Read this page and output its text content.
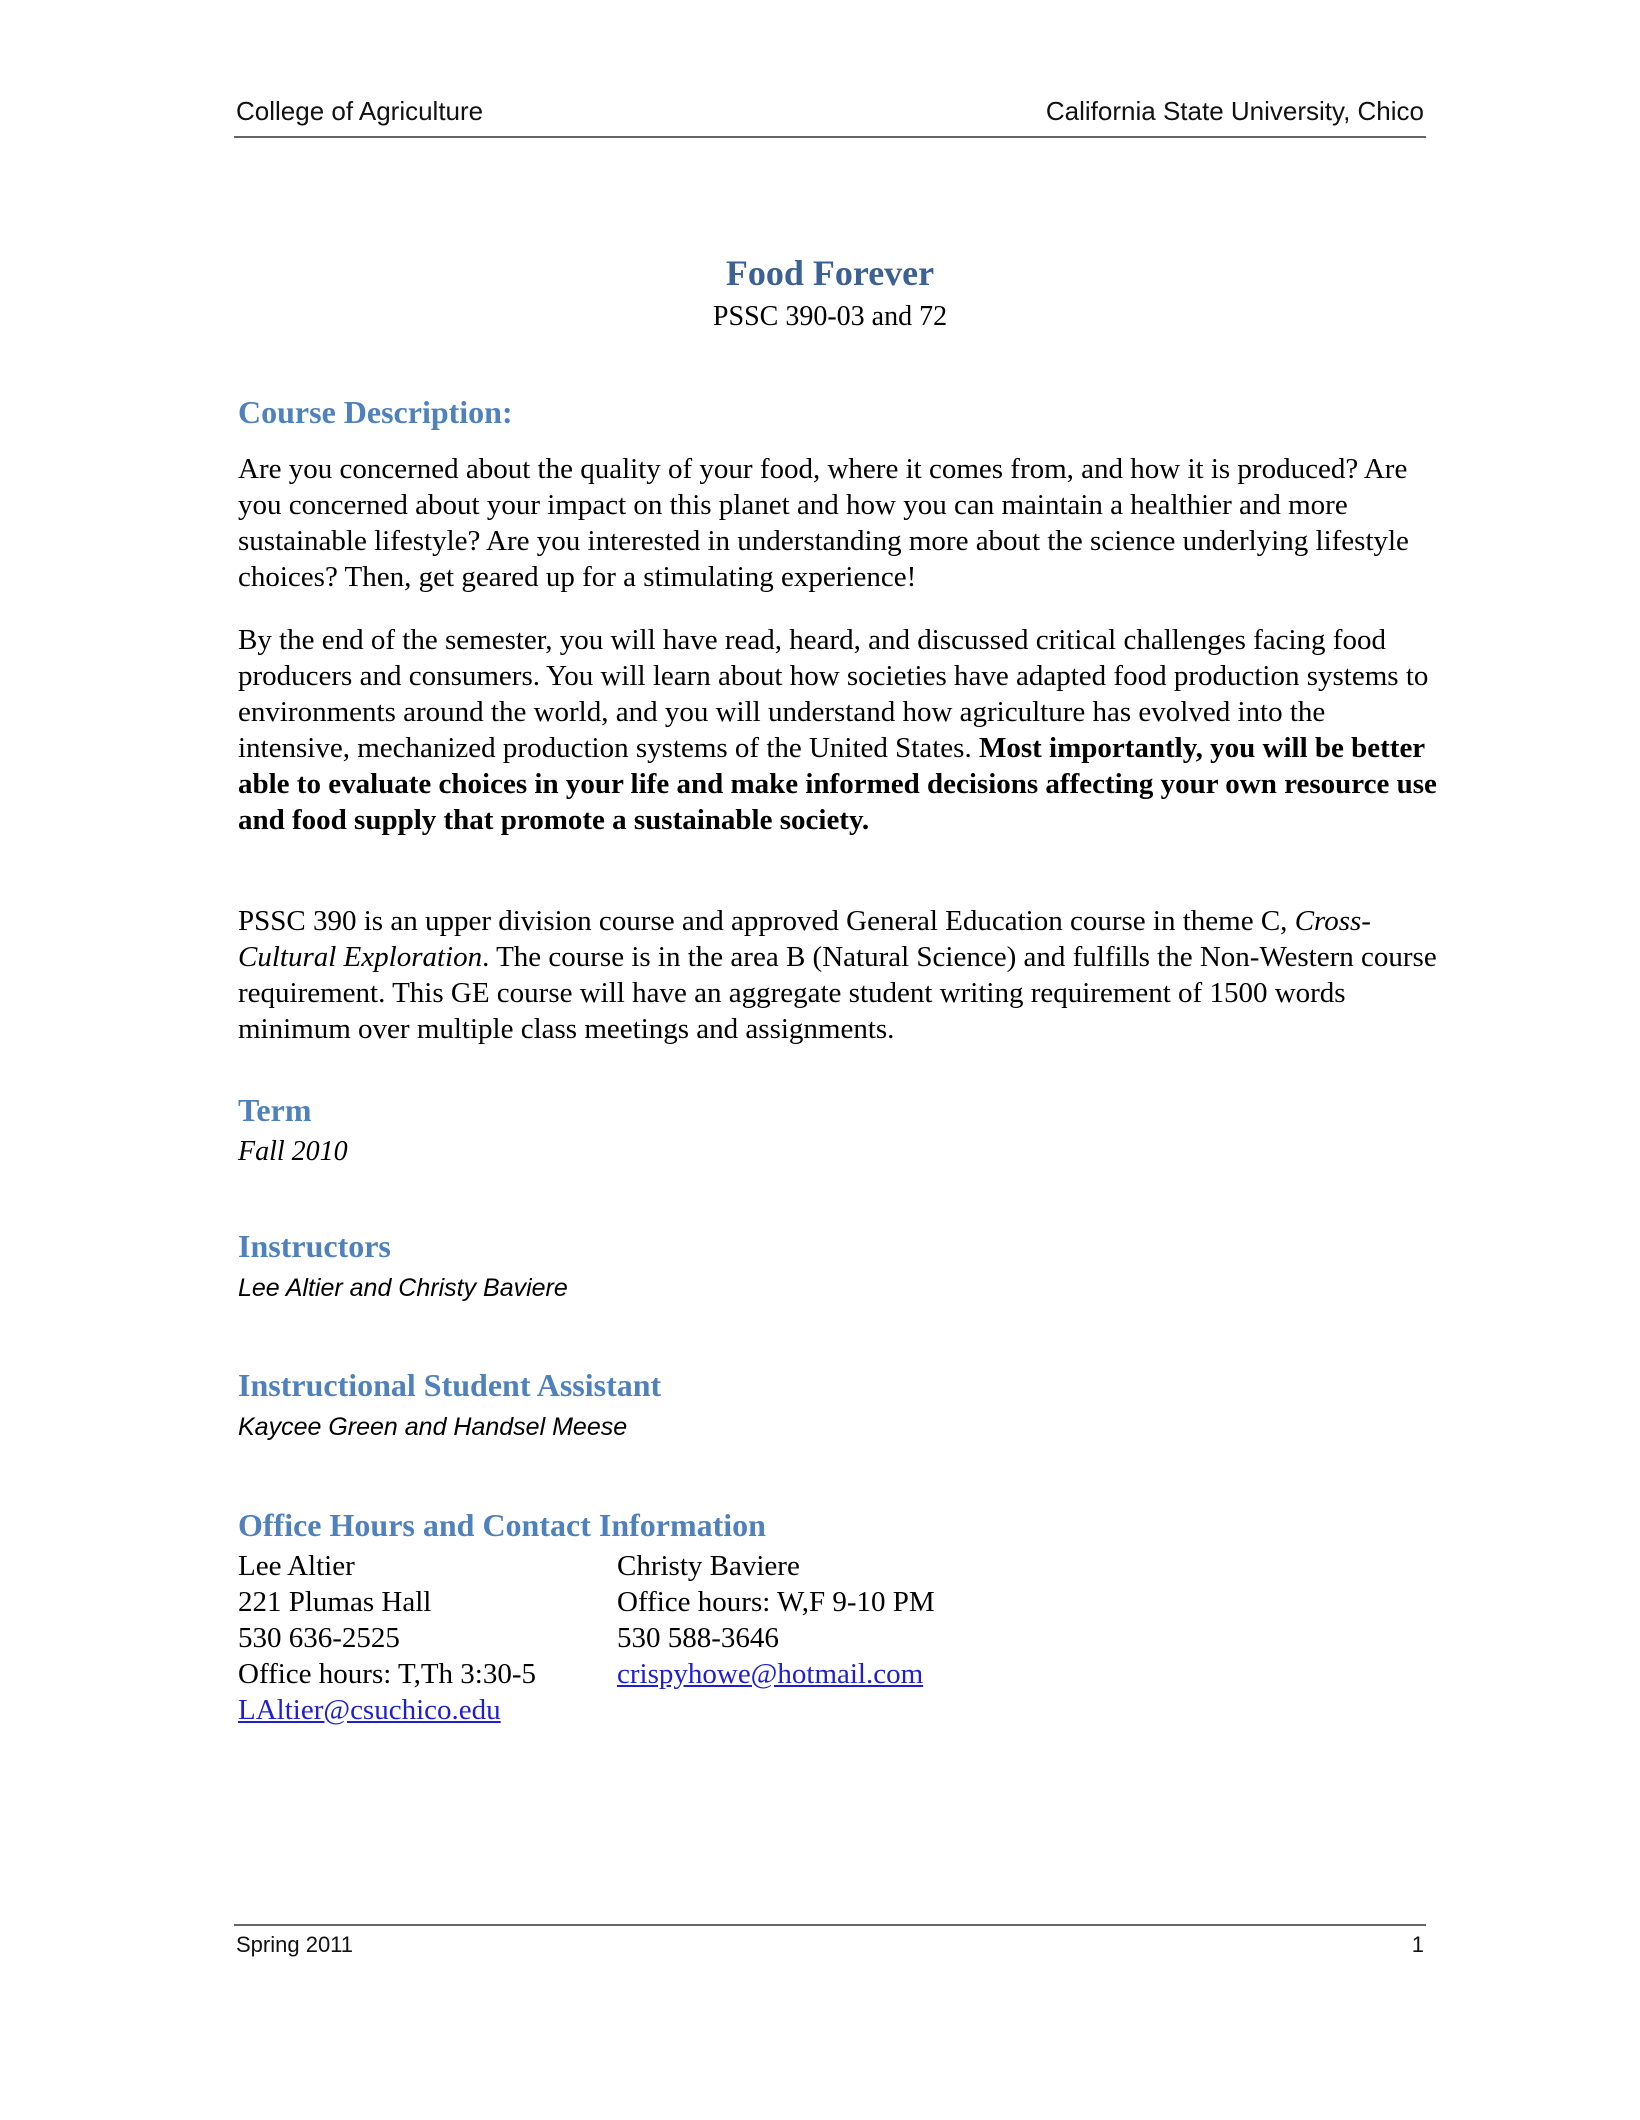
College of Agriculture	California State University, Chico
Food Forever
PSSC 390-03 and 72
Course Description:

Are you concerned about the quality of your food, where it comes from, and how it is produced? Are you concerned about your impact on this planet and how you can maintain a healthier and more sustainable lifestyle? Are you interested in understanding more about the science underlying lifestyle choices? Then, get geared up for a stimulating experience!

By the end of the semester, you will have read, heard, and discussed critical challenges facing food producers and consumers. You will learn about how societies have adapted food production systems to environments around the world, and you will understand how agriculture has evolved into the intensive, mechanized production systems of the United States. Most importantly, you will be better able to evaluate choices in your life and make informed decisions affecting your own resource use and food supply that promote a sustainable society.

PSSC 390 is an upper division course and approved General Education course in theme C, Cross-Cultural Exploration. The course is in the area B (Natural Science) and fulfills the Non-Western course requirement. This GE course will have an aggregate student writing requirement of 1500 words minimum over multiple class meetings and assignments.

Term
Fall 2010
Instructors
Lee Altier and Christy Baviere
Instructional Student Assistant
Kaycee Green and Handsel Meese
Office Hours and Contact Information
Lee Altier
221 Plumas Hall
530 636-2525
Office hours: T,Th 3:30-5
LAltier@csuchico.edu
Christy Baviere
Office hours: W,F 9-10 PM
530 588-3646
crispyhowe@hotmail.com
Spring 2011	1
